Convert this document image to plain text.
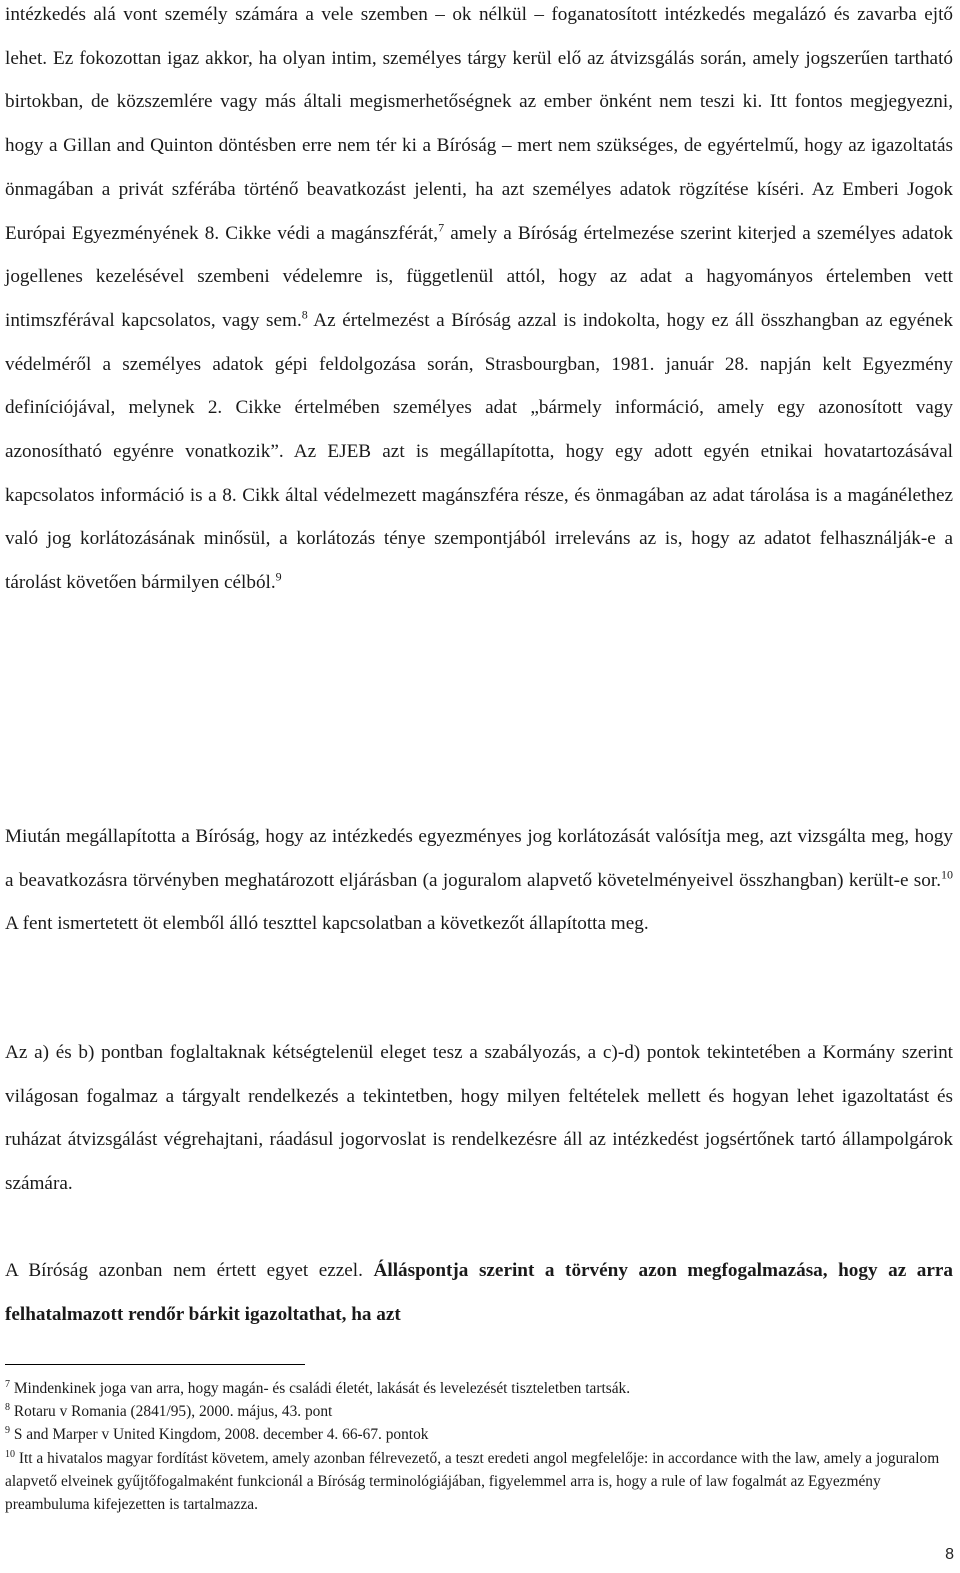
intézkedés alá vont személy számára a vele szemben – ok nélkül – foganatosított intézkedés megalázó és zavarba ejtő lehet. Ez fokozottan igaz akkor, ha olyan intim, személyes tárgy kerül elő az átvizsgálás során, amely jogszerűen tartható birtokban, de közszemlére vagy más általi megismerhetőségnek az ember önként nem teszi ki. Itt fontos megjegyezni, hogy a Gillan and Quinton döntésben erre nem tér ki a Bíróság – mert nem szükséges, de egyértelmű, hogy az igazoltatás önmagában a privát szférába történő beavatkozást jelenti, ha azt személyes adatok rögzítése kíséri. Az Emberi Jogok Európai Egyezményének 8. Cikke védi a magánszférát,$^7$ amely a Bíróság értelmezése szerint kiterjed a személyes adatok jogellenes kezelésével szembeni védelemre is, függetlenül attól, hogy az adat a hagyományos értelemben vett intimszférával kapcsolatos, vagy sem.$^8$ Az értelmezést a Bíróság azzal is indokolta, hogy ez áll összhangban az egyének védelméről a személyes adatok gépi feldolgozása során, Strasbourgban, 1981. január 28. napján kelt Egyezmény definíciójával, melynek 2. Cikke értelmében személyes adat „bármely információ, amely egy azonosított vagy azonosítható egyénre vonatkozik”. Az EJEB azt is megállapította, hogy egy adott egyén etnikai hovatartozásával kapcsolatos információ is a 8. Cikk által védelmezett magánszféra része, és önmagában az adat tárolása is a magánélethez való jog korlátozásának minősül, a korlátozás ténye szempontjából irreleváns az is, hogy az adatot felhasználják-e a tárolást követően bármilyen célból.$^9$

Miután megállapította a Bíróság, hogy az intézkedés egyezményes jog korlátozását valósítja meg, azt vizsgálta meg, hogy a beavatkozásra törvényben meghatározott eljárásban (a joguralom alapvető követelményeivel összhangban) került-e sor.$^{10}$ A fent ismertetett öt elemből álló teszttel kapcsolatban a következőt állapította meg.

Az a) és b) pontban foglaltaknak kétségtelenül eleget tesz a szabályozás, a c)-d) pontok tekintetében a Kormány szerint világosan fogalmaz a tárgyalt rendelkezés a tekintetben, hogy milyen feltételek mellett és hogyan lehet igazoltatást és ruházat átvizsgálást végrehajtani, ráadásul jogorvoslat is rendelkezésre áll az intézkedést jogsértőnek tartó állampolgárok számára.

A Bíróság azonban nem értett egyet ezzel. Álláspontja szerint a törvény azon megfogalmazása, hogy az arra felhatalmazott rendőr bárkit igazoltathat, ha azt

$^7$ Mindenkinek joga van arra, hogy magán- és családi életét, lakását és levelezését tiszteletben tartsák.

$^8$ Rotaru v Romania (2841/95), 2000. május, 43. pont

$^9$ S and Marper v United Kingdom, 2008. december 4. 66-67. pontok

$^{10}$ Itt a hivatalos magyar fordítást követem, amely azonban félrevezető, a teszt eredeti angol megfelelője: in accordance with the law, amely a joguralom alapvető elveinek gyűjtőfogalmaként funkcionál a Bíróság terminológiájában, figyelemmel arra is, hogy a rule of law fogalmát az Egyezmény preambuluma kifejezetten is tartalmazza.

8
